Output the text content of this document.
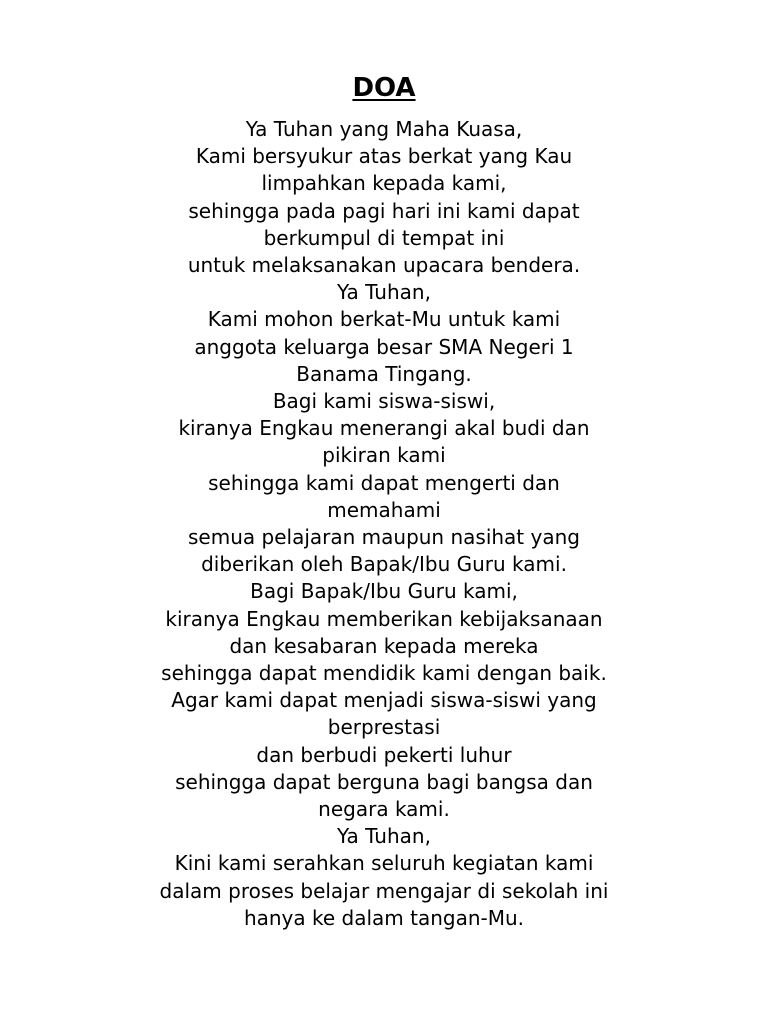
DOA
Ya Tuhan yang Maha Kuasa,
Kami bersyukur atas berkat yang Kau
limpahkan kepada kami,
sehingga pada pagi hari ini kami dapat
berkumpul di tempat ini
untuk melaksanakan upacara bendera.
Ya Tuhan,
Kami mohon berkat-Mu untuk kami
anggota keluarga besar SMA Negeri 1
Banama Tingang.
Bagi kami siswa-siswi,
kiranya Engkau menerangi akal budi dan
pikiran kami
sehingga kami dapat mengerti dan
memahami
semua pelajaran maupun nasihat yang
diberikan oleh Bapak/Ibu Guru kami.
Bagi Bapak/Ibu Guru kami,
kiranya Engkau memberikan kebijaksanaan
dan kesabaran kepada mereka
sehingga dapat mendidik kami dengan baik.
Agar kami dapat menjadi siswa-siswi yang
berprestasi
dan berbudi pekerti luhur
sehingga dapat berguna bagi bangsa dan
negara kami.
Ya Tuhan,
Kini kami serahkan seluruh kegiatan kami
dalam proses belajar mengajar di sekolah ini
hanya ke dalam tangan-Mu.
